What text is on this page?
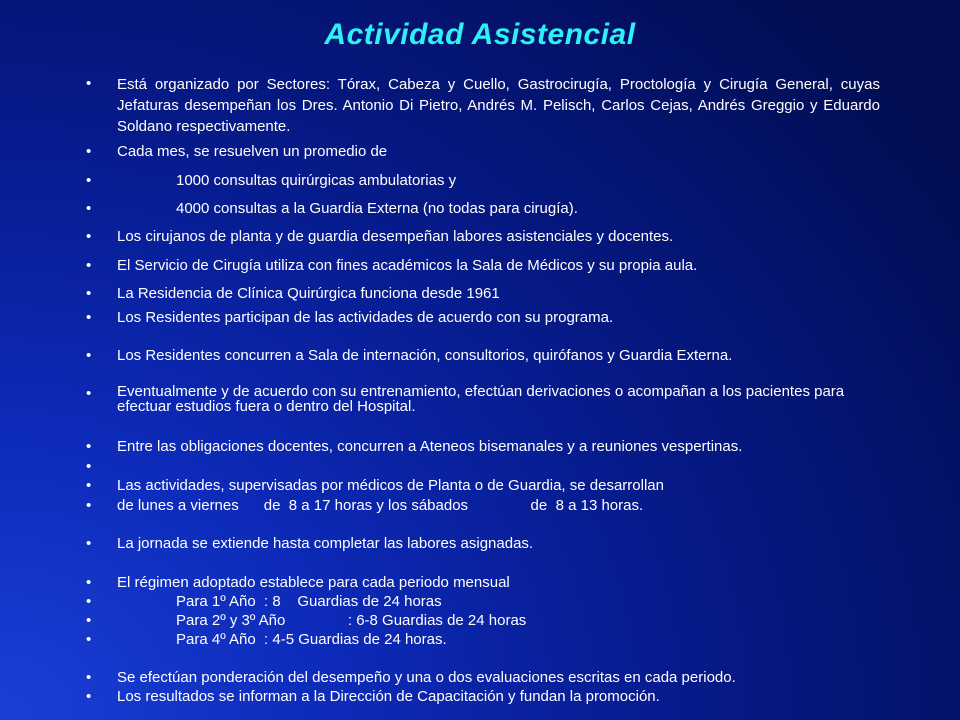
Actividad Asistencial
•	Está organizado por Sectores: Tórax, Cabeza y Cuello, Gastrocirugía, Proctología y Cirugía General, cuyas Jefaturas desempeñan los Dres. Antonio Di Pietro, Andrés M. Pelisch, Carlos Cejas, Andrés Greggio y Eduardo Soldano respectivamente.
•	Cada mes, se resuelven un promedio de
•	1000 consultas quirúrgicas ambulatorias y
•	4000 consultas a la Guardia Externa (no todas para cirugía).
•	Los cirujanos de planta y de guardia desempeñan labores asistenciales y docentes.
•	El Servicio de Cirugía utiliza con fines académicos la Sala de Médicos y su propia aula.
•	La Residencia de Clínica Quirúrgica funciona desde 1961
•	Los Residentes participan de las actividades de acuerdo con su programa.
•	Los Residentes concurren a Sala de internación, consultorios, quirófanos y Guardia Externa.
•	Eventualmente y de acuerdo con su entrenamiento, efectúan derivaciones o acompañan a los pacientes para efectuar estudios fuera o dentro del Hospital.
•	Entre las obligaciones docentes, concurren a Ateneos bisemanales y a reuniones vespertinas.
•
•	Las actividades, supervisadas por médicos de Planta o de Guardia, se desarrollan
•	de lunes a viernes      de  8 a 17 horas y los sábados               de  8 a 13 horas.
•	La jornada se extiende hasta completar las labores asignadas.
•	El régimen adoptado establece para cada periodo mensual
•	Para 1º Año  : 8    Guardias de 24 horas
•	Para 2º y 3º Año               : 6-8 Guardias de 24 horas
•	Para 4º Año  : 4-5 Guardias de 24 horas.
•	Se efectúan ponderación del desempeño y una o dos evaluaciones escritas en cada periodo.
•	Los resultados se informan a la Dirección de Capacitación y fundan la promoción.
